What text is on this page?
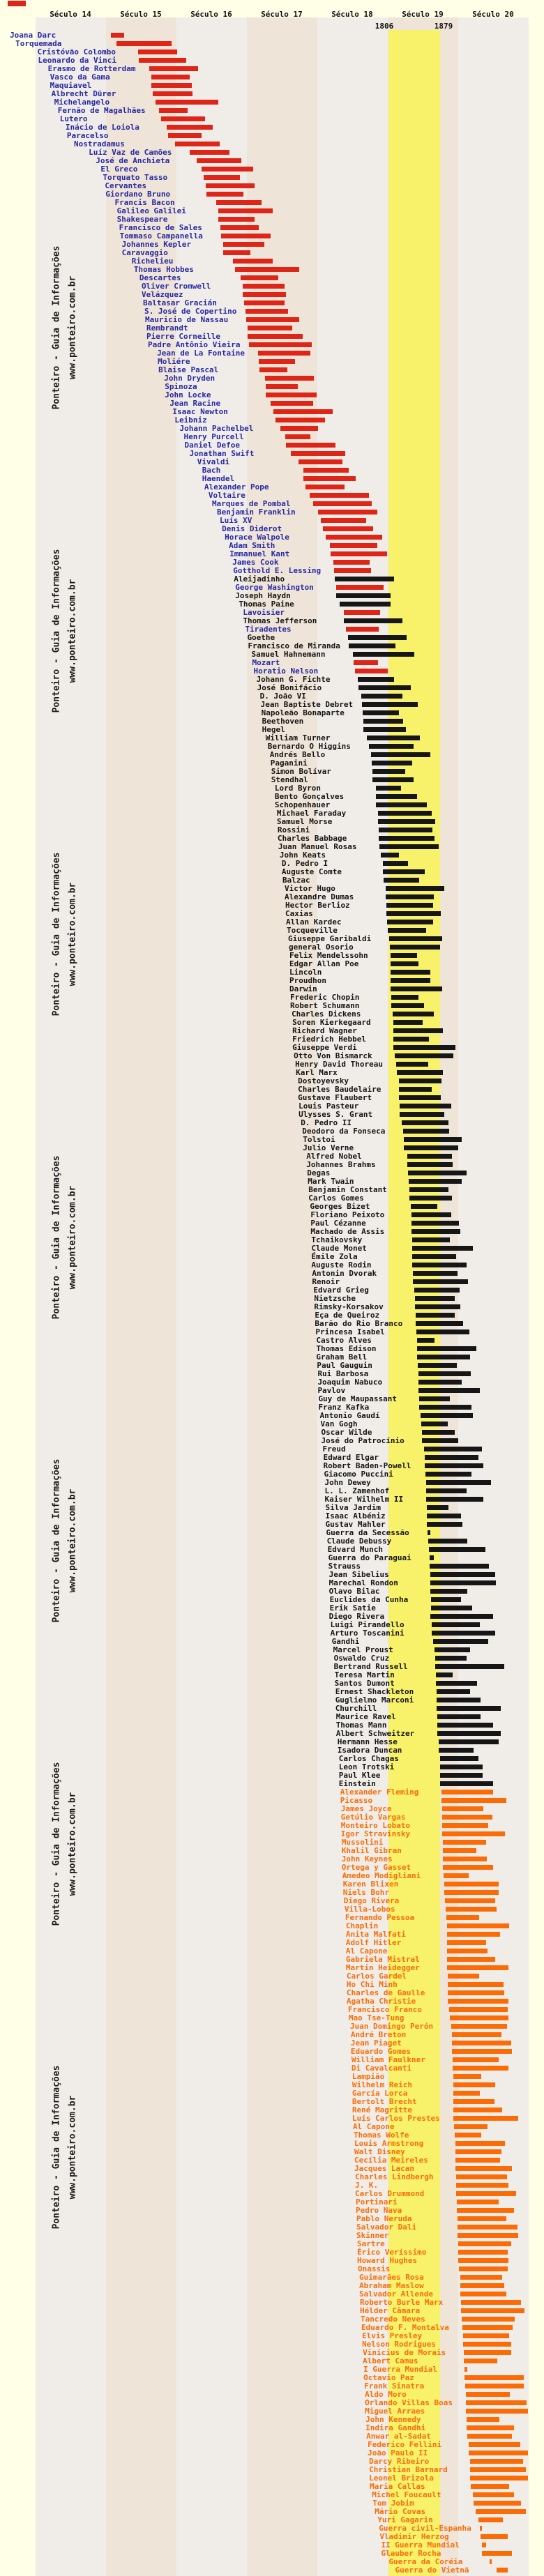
Século 14	Século 15	Século 16	Século 17	Século 18	Século 19	Século 20
1806	1879
Joana Darc
Torquemada
Cristóvão Colombo
Leonardo da Vinci
Erasmo de Rotterdam
Vasco da Gama
Maquiavel
Albrecht Dürer
Michelangelo
Fernão de Magalhães
Lutero
Inácio de Loiola
Paracelso
Nostradamus
Luíz Vaz de Camões
José de Anchieta
El Greco
Torquato Tasso
Cervantes
Giordano Bruno
Francis Bacon
Galileo Galilei
Shakespeare
Francisco de Sales
Tommaso Campanella
Johannes Kepler
Caravaggio
Richelieu
Thomas Hobbes
Descartes
Oliver Cromwell
Velázquez
Baltasar Gracián
S. José de Copertino
Mauricio de Nassau
Rembrandt
Pierre Corneille
Padre Antônio Vieira
Jean de La Fontaine
Moliére
Blaise Pascal
John Dryden
Spinoza
John Locke
Jean Racine
Isaac Newton
Leibniz
Johann Pachelbel
Henry Purcell
Daniel Defoe
Jonathan Swift
Vivaldi
Bach
Haendel
Alexander Pope
Voltaire
Marques de Pombal
Benjamin Franklin
Luís XV
Denis Diderot
Horace Walpole
Adam Smith
Immanuel Kant
James Cook
Gotthold E. Lessing
Aleijadinho
George Washington
Joseph Haydn
Thomas Paine
Lavoisier
Thomas Jefferson
Tiradentes
Goethe
Francisco de Miranda
Samuel Hahnemann
Mozart
Horatio Nelson
Johann G. Fichte
José Bonifácio
D. João VI
Jean Baptiste Debret
Napoleão Bonaparte
Beethoven
Hegel
William Turner
Bernardo O Higgins
Andrés Bello
Paganini
Simon Bolívar
Stendhal
Lord Byron
Bento Gonçalves
Schopenhauer
Michael Faraday
Samuel Morse
Rossini
Charles Babbage
Juan Manuel Rosas
John Keats
D. Pedro I
Auguste Comte
Balzac
Victor Hugo
Alexandre Dumas
Hector Berlioz
Caxias
Allan Kardec
Tocqueville
Giuseppe Garibaldi
general Osorio
Felix Mendelssohn
Edgar Allan Poe
Lincoln
Proudhon
Darwin
Frederic Chopin
Robert Schumann
Charles Dickens
Soren Kierkegaard
Richard Wagner
Friedrich Hebbel
Giuseppe Verdi
Otto Von Bismarck
Henry David Thoreau
Karl Marx
Dostoyevsky
Charles Baudelaire
Gustave Flaubert
Louis Pasteur
Ulysses S. Grant
D. Pedro II
Deodoro da Fonseca
Tolstoi
Julio Verne
Alfred Nobel
Johannes Brahms
Degas
Mark Twain
Benjamin Constant
Carlos Gomes
Georges Bizet
Floriano Peixoto
Paul Cézanne
Machado de Assis
Tchaikovsky
Claude Monet
Émile Zola
Auguste Rodin
Antonin Dvorak
Renoir
Edvard Grieg
Nietzsche
Rimsky-Korsakov
Eça de Queiroz
Barão do Rio Branco
Princesa Isabel
Castro Alves
Thomas Edison
Graham Bell
Paul Gauguin
Rui Barbosa
Joaquim Nabuco
Pavlov
Guy de Maupassant
Franz Kafka
Antonio Gaudí
Van Gogh
Oscar Wilde
José do Patrocínio
Freud
Edward Elgar
Robert Baden-Powell
Giacomo Puccini
John Dewey
L. L. Zamenhof
Kaiser Wilhelm II
Silva Jardim
Isaac Albéniz
Gustav Mahler
Guerra da Secessão
Claude Debussy
Edvard Munch
Guerra do Paraguai
Strauss
Jean Sibelius
Marechal Rondon
Olavo Bilac
Euclides da Cunha
Erik Satie
Diego Rivera
Luigi Pirandello
Arturo Toscanini
Gandhi
Marcel Proust
Oswaldo Cruz
Bertrand Russell
Teresa Martin
Santos Dumont
Ernest Shackleton
Guglielmo Marconi
Churchill
Maurice Ravel
Thomas Mann
Albert Schweitzer
Hermann Hesse
Isadora Duncan
Carlos Chagas
Leon Trotski
Paul Klee
Einstein
Alexander Fleming
Picasso
James Joyce
Getúlio Vargas
Monteiro Lobato
Igor Stravinsky
Mussolini
Khalil Gibran
John Keynes
Ortega y Gasset
Amedeo Modigliani
Karen Blixen
Niels Bohr
Diego Rivera
Villa-Lobos
Fernando Pessoa
Chaplin
Anita Malfati
Adolf Hitler
Al Capone
Gabriela Mistral
Martin Heidegger
Carlos Gardel
Ho Chi Minh
Charles de Gaulle
Agatha Christie
Francisco Franco
Mao Tse-Tung
Juan Domingo Perón
André Breton
Jean Piaget
Eduardo Gomes
William Faulkner
Di Cavalcanti
Lampião
Wilhelm Reich
García Lorca
Bertolt Brecht
René Magritte
Luís Carlos Prestes
Al Capone
Thomas Wolfe
Louis Armstrong
Walt Disney
Cecília Meireles
Jacques Lacan
Charles Lindbergh
J. K.
Carlos Drummond
Portinari
Pedro Nava
Pablo Neruda
Salvador Dali
Skinner
Sartre
Érico Veríssimo
Howard Hughes
Onassis
Guimarães Rosa
Abraham Maslow
Salvador Allende
Roberto Burle Marx
Hélder Câmara
Tancredo Neves
Eduardo F. Montalva
Elvis Presley
Nelson Rodrigues
Vinícius de Morais
Albert Camus
I Guerra Mundial
Octavio Paz
Frank Sinatra
Aldo Moro
Orlando Villas Boas
Miguel Arraes
John Kennedy
Indira Gandhi
Anwar al-Sadat
Federico Fellini
João Paulo II
Darcy Ribeiro
Christian Barnard
Leonel Brizola
Maria Callas
Michel Foucault
Tom Jobim
Mário Covas
Yuri Gagarin
Guerra civil-Espanha
Vladimir Herzog
II Guerra Mundial
Glauber Rocha
Guerra da Coréia
Guerra do Vietnã
Ponteiro - Guia de Informações www.ponteiro.com.br
Ponteiro - Guia de Informações www.ponteiro.com.br
Ponteiro - Guia de Informações www.ponteiro.com.br
Ponteiro - Guia de Informações www.ponteiro.com.br
Ponteiro - Guia de Informações www.ponteiro.com.br
Ponteiro - Guia de Informações www.ponteiro.com.br
Ponteiro - Guia de Informações www.ponteiro.com.br
